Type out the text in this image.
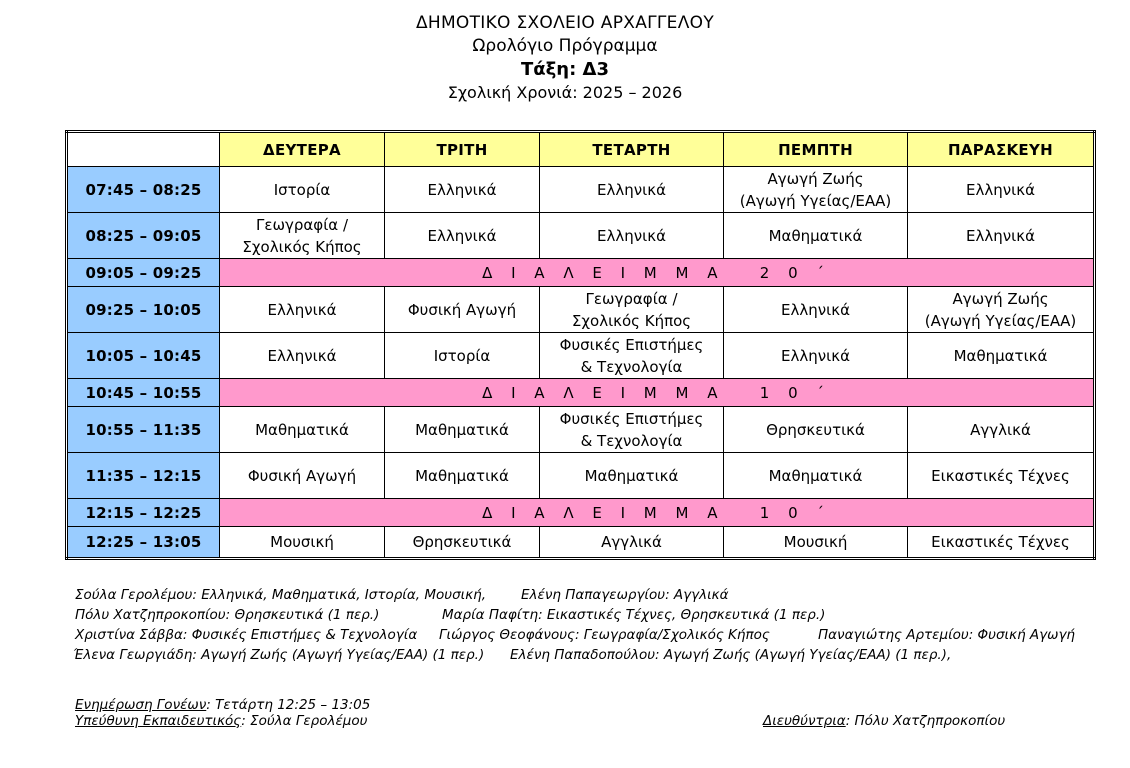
ΔΗΜΟΤΙΚΟ ΣΧΟΛΕΙΟ ΑΡΧΑΓΓΕΛΟΥ
Ωρολόγιο Πρόγραμμα
Τάξη: Δ3
Σχολική Χρονιά: 2025 – 2026
	ΔΕΥΤΕΡΑ	ΤΡΙΤΗ	ΤΕΤΑΡΤΗ	ΠΕΜΠΤΗ	ΠΑΡΑΣΚΕΥΗ
07:45 – 08:25	Ιστορία	Ελληνικά	Ελληνικά	Αγωγή Ζωής
(Αγωγή Υγείας/ΕΑΑ)	Ελληνικά
08:25 – 09:05	Γεωγραφία /
Σχολικός Κήπος	Ελληνικά	Ελληνικά	Μαθηματικά	Ελληνικά
09:05 – 09:25	Δ Ι Α Λ Ε Ι Μ Μ Α   2 0 ΄				
09:25 – 10:05	Ελληνικά	Φυσική Αγωγή	Γεωγραφία /
Σχολικός Κήπος	Ελληνικά	Αγωγή Ζωής
(Αγωγή Υγείας/ΕΑΑ)
10:05 – 10:45	Ελληνικά	Ιστορία	Φυσικές Επιστήμες
& Τεχνολογία	Ελληνικά	Μαθηματικά
10:45 – 10:55	Δ Ι Α Λ Ε Ι Μ Μ Α   1 0 ΄				
10:55 – 11:35	Μαθηματικά	Μαθηματικά	Φυσικές Επιστήμες
& Τεχνολογία	Θρησκευτικά	Αγγλικά
11:35 – 12:15	Φυσική Αγωγή	Μαθηματικά	Μαθηματικά	Μαθηματικά	Εικαστικές Τέχνες
12:15 – 12:25	Δ Ι Α Λ Ε Ι Μ Μ Α   1 0 ΄				
12:25 – 13:05	Μουσική	Θρησκευτικά	Αγγλικά	Μουσική	Εικαστικές Τέχνες
Σούλα Γερολέμου: Ελληνικά, Μαθηματικά, Ιστορία, Μουσική,	Ελένη Παπαγεωργίου: Αγγλικά
Πόλυ Χατζηπροκοπίου: Θρησκευτικά (1 περ.)	Μαρία Παφίτη: Εικαστικές Τέχνες, Θρησκευτικά (1 περ.)
Χριστίνα Σάββα: Φυσικές Επιστήμες & Τεχνολογία Γιώργος Θεοφάνους: Γεωγραφία/Σχολικός Κήπος	Παναγιώτης Αρτεμίου: Φυσική Αγωγή
Έλενα Γεωργιάδη: Αγωγή Ζωής (Αγωγή Υγείας/ΕΑΑ) (1 περ.) Ελένη Παπαδοπούλου: Αγωγή Ζωής (Αγωγή Υγείας/ΕΑΑ) (1 περ.),
Ενημέρωση Γονέων: Τετάρτη 12:25 – 13:05
Υπεύθυνη Εκπαιδευτικός: Σούλα Γερολέμου	Διευθύντρια: Πόλυ Χατζηπροκοπίου
